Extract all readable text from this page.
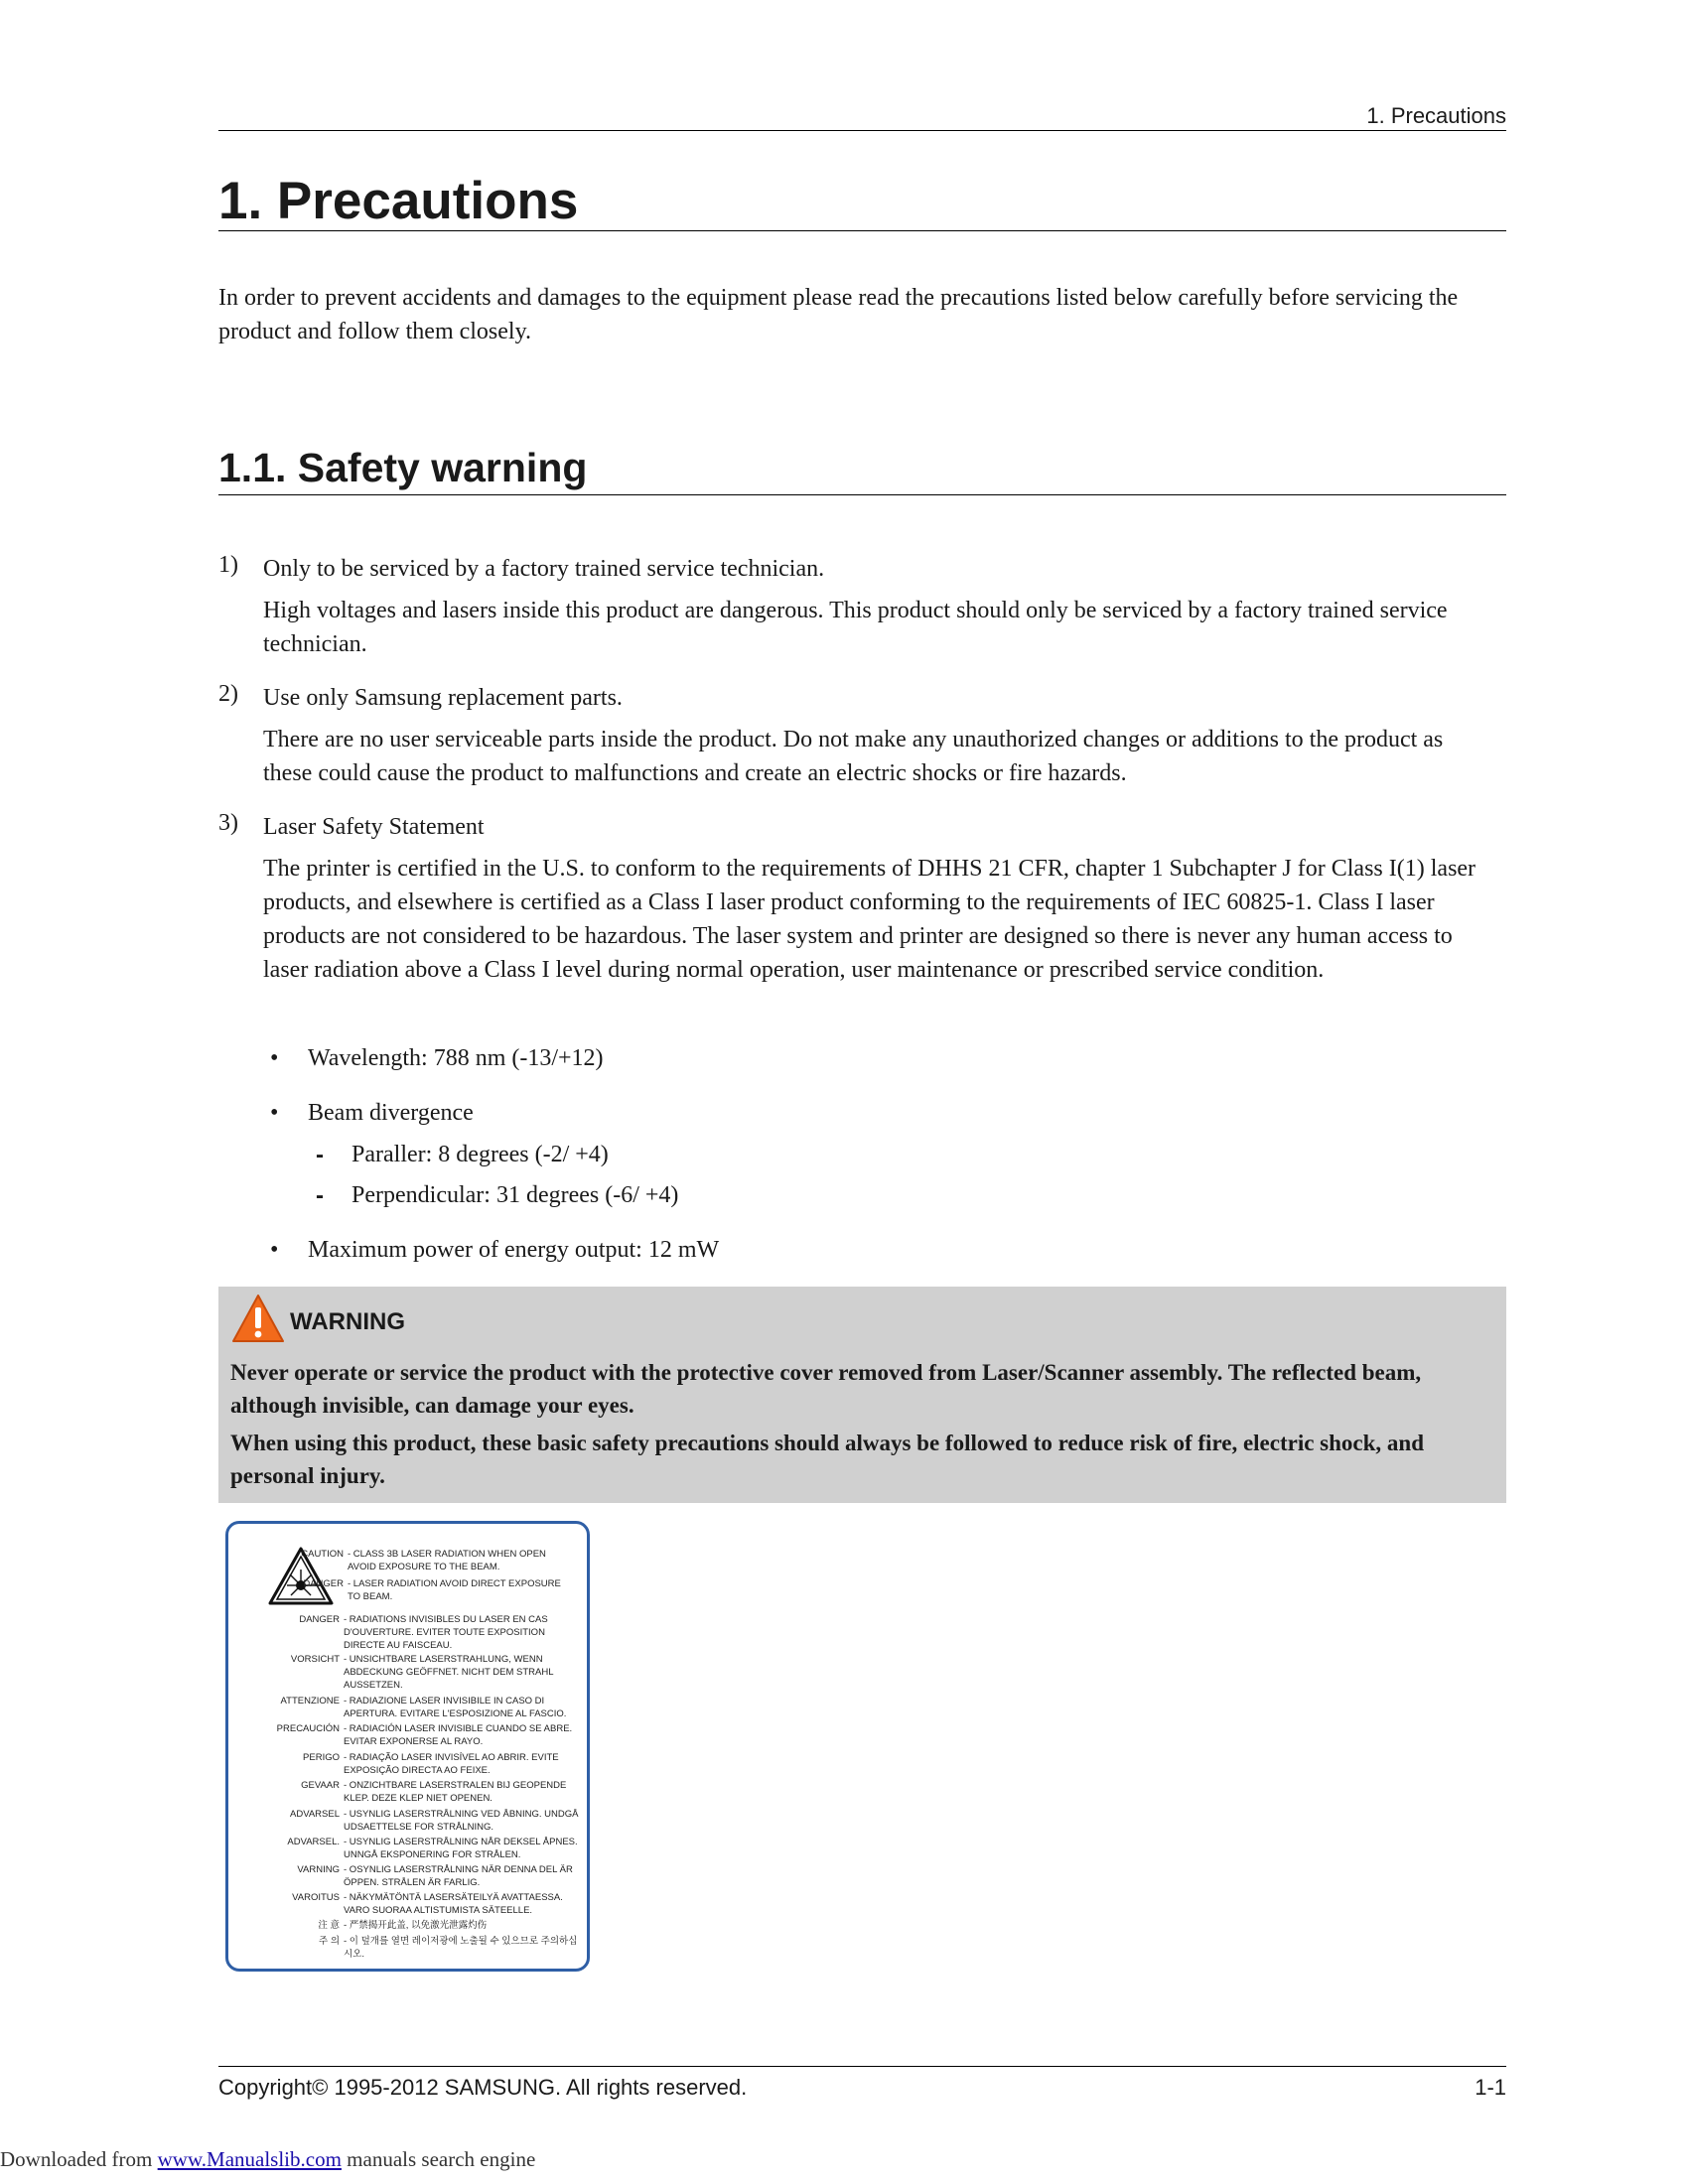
1. Precautions
1. Precautions

In order to prevent accidents and damages to the equipment please read the precautions listed below carefully before servicing the product and follow them closely.

1.1. Safety warning
1) Only to be serviced by a factory trained service technician.
High voltages and lasers inside this product are dangerous. This product should only be serviced by a factory trained service technician.
2) Use only Samsung replacement parts.
There are no user serviceable parts inside the product. Do not make any unauthorized changes or additions to the product as these could cause the product to malfunctions and create an electric shocks or fire hazards.
3) Laser Safety Statement
The printer is certified in the U.S. to conform to the requirements of DHHS 21 CFR, chapter 1 Subchapter J for Class I(1) laser products, and elsewhere is certified as a Class I laser product conforming to the requirements of IEC 60825-1. Class I laser products are not considered to be hazardous. The laser system and printer are designed so there is never any human access to laser radiation above a Class I level during normal operation, user maintenance or prescribed service condition.
• Wavelength: 788 nm (-13/+12)
• Beam divergence
- Paraller: 8 degrees (-2/ +4)
- Perpendicular: 31 degrees (-6/ +4)
• Maximum power of energy output: 12 mW
WARNING
Never operate or service the product with the protective cover removed from Laser/Scanner assembly. The reflected beam, although invisible, can damage your eyes.
When using this product, these basic safety precautions should always be followed to reduce risk of fire, electric shock, and personal injury.
CAUTION - CLASS 3B LASER RADIATION WHEN OPEN AVOID EXPOSURE TO THE BEAM.
DANGER - LASER RADIATION AVOID DIRECT EXPOSURE TO BEAM.
DANGER - RADIATIONS INVISIBLES DU LASER EN CAS D'OUVERTURE. EVITER TOUTE EXPOSITION DIRECTE AU FAISCEAU.
VORSICHT - UNSICHTBARE LASERSTRAHLUNG, WENN ABDECKUNG GEÖFFNET. NICHT DEM STRAHL AUSSETZEN.
ATTENZIONE - RADIAZIONE LASER INVISIBILE IN CASO DI APERTURA. EVITARE L'ESPOSIZIONE AL FASCIO.
PRECAUCIÓN - RADIACIÓN LASER INVISIBLE CUANDO SE ABRE. EVITAR EXPONERSE AL RAYO.
PERIGO - RADIAÇÃO LASER INVISÍVEL AO ABRIR. EVITE EXPOSIÇÃO DIRECTA AO FEIXE.
GEVAAR - ONZICHTBARE LASERSTRALEN BIJ GEOPENDE KLEP. DEZE KLEP NIET OPENEN.
ADVARSEL - USYNLIG LASERSTRÅLNING VED ÅBNING. UNDGÅ UDSAETTELSE FOR STRÅLNING.
ADVARSEL. - USYNLIG LASERSTRÅLNING NÅR DEKSEL ÅPNES. UNNGÅ EKSPONERING FOR STRÅLEN.
VARNING - OSYNLIG LASERSTRÅLNING NÄR DENNA DEL ÄR ÖPPEN. STRÅLEN ÄR FARLIG.
VAROITUS - NÄKYMÄTÖNTÄ LASERSÄTEILYÄ AVATTAESSA. VARO SUORAA ALTISTUMISTA SÄTEELLE.
注 意 - 严禁揭开此盖, 以免激光泄露灼伤
주 의 - 이 덮개를 열면 레이저광에 노출될 수 있으므로 주의하십시오.
Copyright© 1995-2012 SAMSUNG. All rights reserved.	1-1
Downloaded from www.Manualslib.com manuals search engine
